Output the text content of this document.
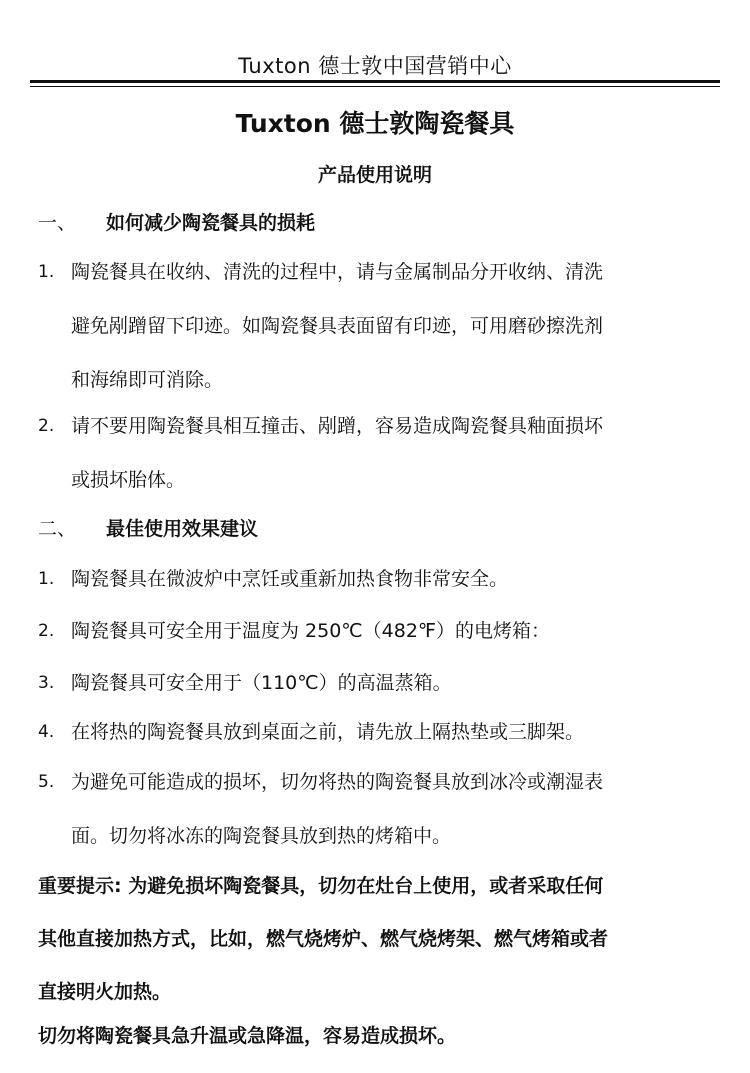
Tuxton 德士敦中国营销中心
Tuxton 德士敦陶瓷餐具
产品使用说明
一、 如何减少陶瓷餐具的损耗
1. 陶瓷餐具在收纳、清洗的过程中，请与金属制品分开收纳、清洗
避免剐蹭留下印迹。如陶瓷餐具表面留有印迹，可用磨砂擦洗剂
和海绵即可消除。
2. 请不要用陶瓷餐具相互撞击、剐蹭，容易造成陶瓷餐具釉面损坏
或损坏胎体。
二、 最佳使用效果建议
1. 陶瓷餐具在微波炉中烹饪或重新加热食物非常安全。
2. 陶瓷餐具可安全用于温度为 250℃（482℉）的电烤箱：
3. 陶瓷餐具可安全用于（110℃）的高温蒸箱。
4. 在将热的陶瓷餐具放到桌面之前，请先放上隔热垫或三脚架。
5. 为避免可能造成的损坏，切勿将热的陶瓷餐具放到冰冷或潮湿表
面。切勿将冰冻的陶瓷餐具放到热的烤箱中。
重要提示: 为避免损坏陶瓷餐具，切勿在灶台上使用，或者采取任何
其他直接加热方式，比如，燃气烧烤炉、燃气烧烤架、燃气烤箱或者
直接明火加热。
切勿将陶瓷餐具急升温或急降温，容易造成损坏。
